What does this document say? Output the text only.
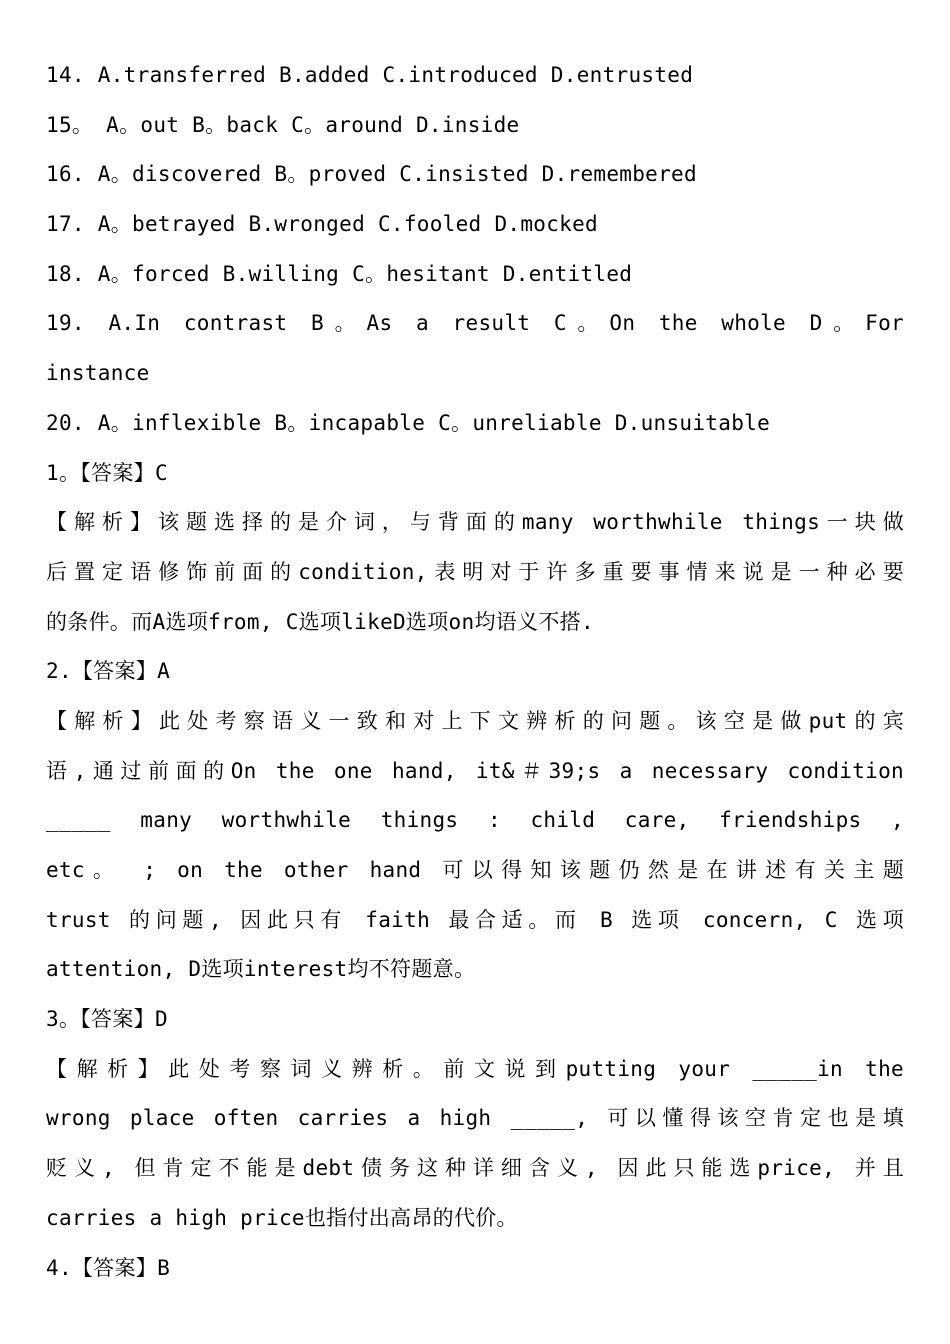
14. A.transferred B.added C.introduced D.entrusted
15。 A。out B。back C。around D.inside
16. A。discovered B。proved C.insisted D.remembered
17. A。betrayed B.wronged C.fooled D.mocked
18. A。forced B.willing C。hesitant D.entitled
19. A.In contrast B。As a result C。On the whole D。For
instance
20. A。inflexible B。incapable C。unreliable D.unsuitable
1。【答案】C
【解析】该题选择的是介词，与背面的many worthwhile things一块做
后置定语修饰前面的condition,表明对于许多重要事情来说是一种必要
的条件。而A选项from, C选项likeD选项on均语义不搭.
2.【答案】A
【解析】此处考察语义一致和对上下文辨析的问题。该空是做put的宾
语,通过前面的On the one hand, it&＃39;s a necessary condition
_____ many worthwhile things : child care, friendships ,
etc。 ; on the other hand 可以得知该题仍然是在讲述有关主题
trust 的问题, 因此只有 faith 最合适。而 B 选项 concern, C 选项
attention, D选项interest均不符题意。
3。【答案】D
【解析】此处考察词义辨析。前文说到putting your _____in the
wrong place often carries a high _____, 可以懂得该空肯定也是填
贬义, 但肯定不能是debt债务这种详细含义, 因此只能选price, 并且
carries a high price也指付出高昂的代价。
4.【答案】B
